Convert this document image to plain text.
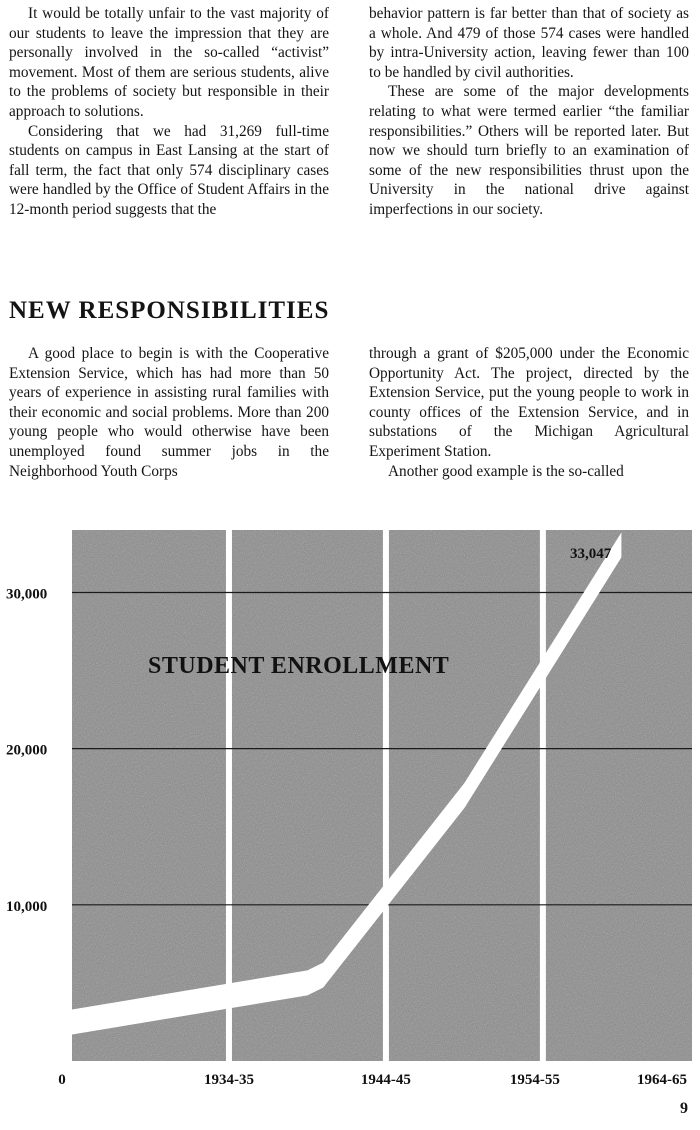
It would be totally unfair to the vast majority of our students to leave the impression that they are personally involved in the so-called “activist” movement. Most of them are serious students, alive to the problems of society but responsible in their approach to solutions.

Considering that we had 31,269 full-time students on campus in East Lansing at the start of fall term, the fact that only 574 disciplinary cases were handled by the Office of Student Affairs in the 12-month period suggests that the

behavior pattern is far better than that of society as a whole. And 479 of those 574 cases were handled by intra-University action, leaving fewer than 100 to be handled by civil authorities.

These are some of the major developments relating to what were termed earlier “the familiar responsibilities.” Others will be reported later. But now we should turn briefly to an examination of some of the new responsibilities thrust upon the University in the national drive against imperfections in our society.

NEW RESPONSIBILITIES

A good place to begin is with the Cooperative Extension Service, which has had more than 50 years of experience in assisting rural families with their economic and social problems. More than 200 young people who would otherwise have been unemployed found summer jobs in the Neighborhood Youth Corps

through a grant of $205,000 under the Economic Opportunity Act. The project, directed by the Extension Service, put the young people to work in county offices of the Extension Service, and in substations of the Michigan Agricultural Experiment Station.

Another good example is the so-called

STUDENT ENROLLMENT
33,047
0
10,000
20,000
30,000
1934-35	1944-45	1954-55	1964-65
9
